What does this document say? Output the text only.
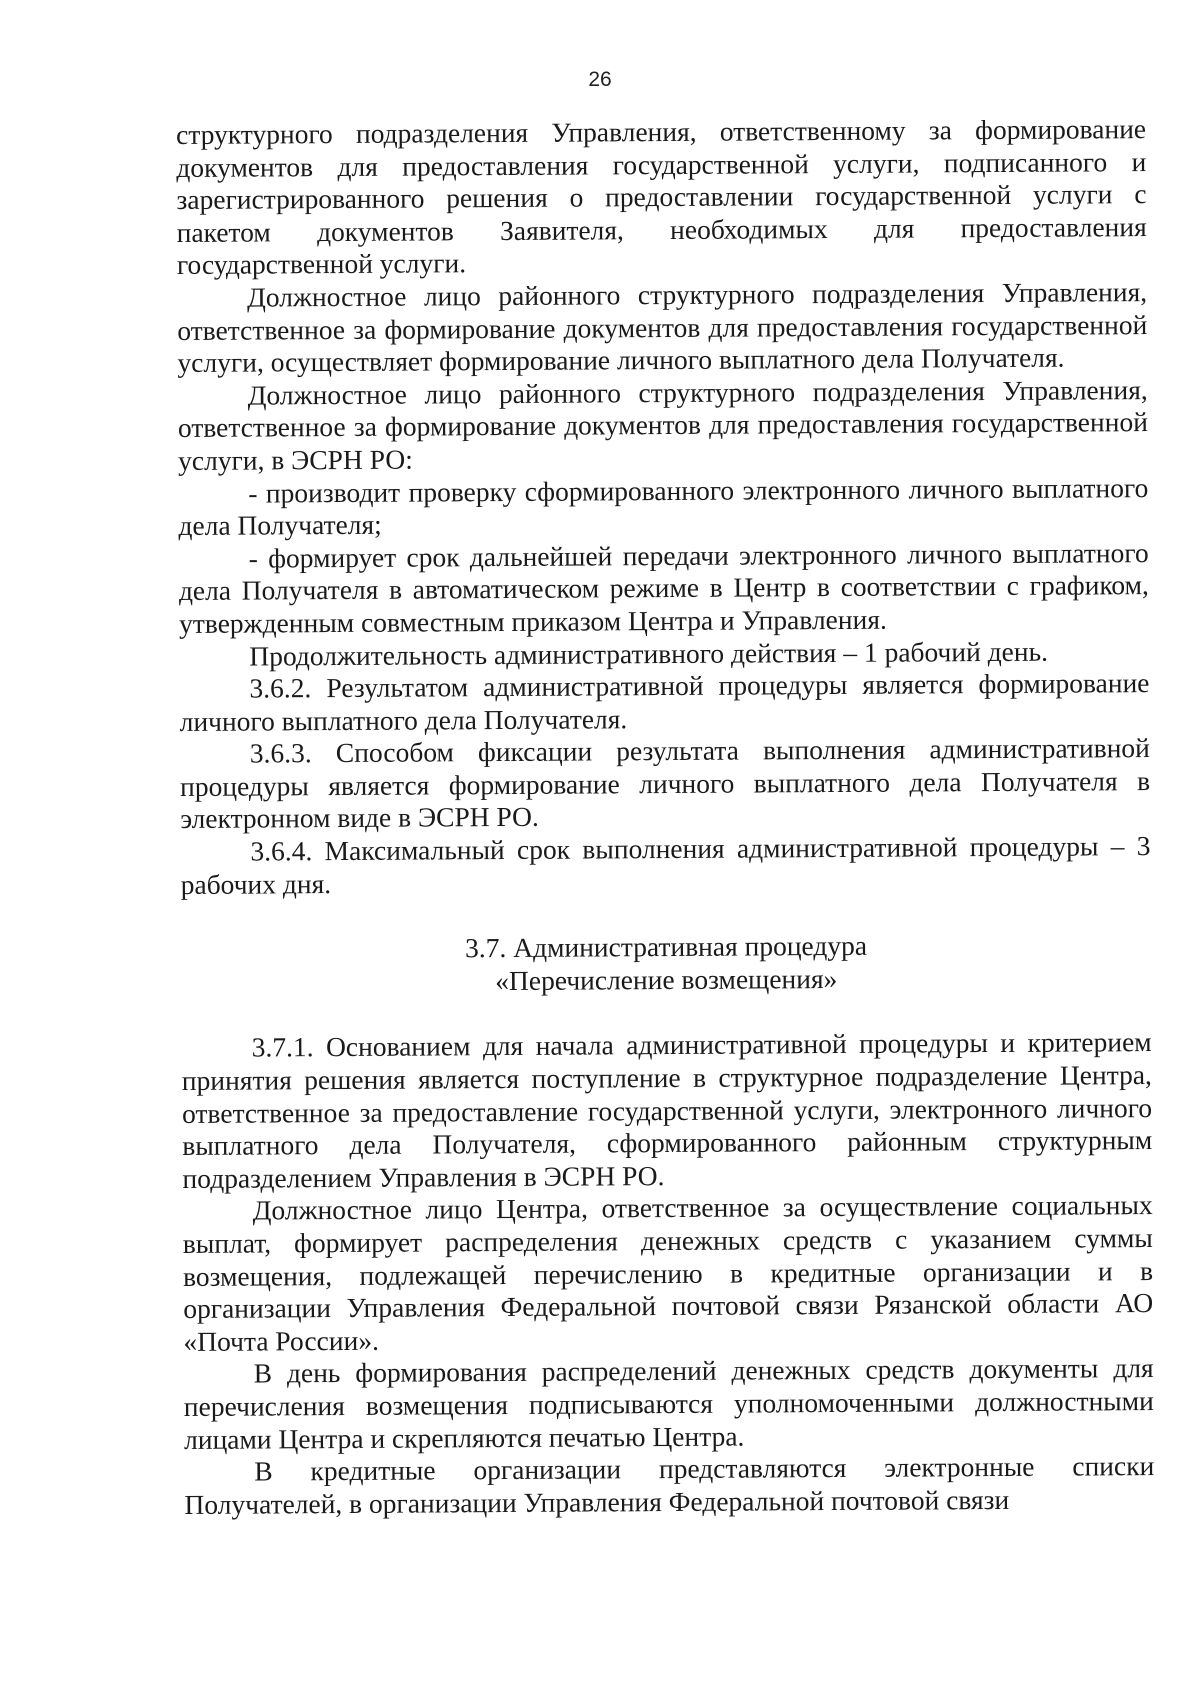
26

структурного подразделения Управления, ответственному за формирование документов для предоставления государственной услуги, подписанного и зарегистрированного решения о предоставлении государственной услуги с пакетом документов Заявителя, необходимых для предоставления государственной услуги.

Должностное лицо районного структурного подразделения Управления, ответственное за формирование документов для предоставления государственной услуги, осуществляет формирование личного выплатного дела Получателя.

Должностное лицо районного структурного подразделения Управления, ответственное за формирование документов для предоставления государственной услуги, в ЭСРН РО:

- производит проверку сформированного электронного личного выплатного дела Получателя;

- формирует срок дальнейшей передачи электронного личного выплатного дела Получателя в автоматическом режиме в Центр в соответствии с графиком, утвержденным совместным приказом Центра и Управления.

Продолжительность административного действия – 1 рабочий день.

3.6.2. Результатом административной процедуры является формирование личного выплатного дела Получателя.

3.6.3. Способом фиксации результата выполнения административной процедуры является формирование личного выплатного дела Получателя в электронном виде в ЭСРН РО.

3.6.4. Максимальный срок выполнения административной процедуры – 3 рабочих дня.

3.7. Административная процедура
«Перечисление возмещения»

3.7.1. Основанием для начала административной процедуры и критерием принятия решения является поступление в структурное подразделение Центра, ответственное за предоставление государственной услуги, электронного личного выплатного дела Получателя, сформированного районным структурным подразделением Управления в ЭСРН РО.

Должностное лицо Центра, ответственное за осуществление социальных выплат, формирует распределения денежных средств с указанием суммы возмещения, подлежащей перечислению в кредитные организации и в организации Управления Федеральной почтовой связи Рязанской области АО «Почта России».

В день формирования распределений денежных средств документы для перечисления возмещения подписываются уполномоченными должностными лицами Центра и скрепляются печатью Центра.

В кредитные организации представляются электронные списки Получателей, в организации Управления Федеральной почтовой связи
